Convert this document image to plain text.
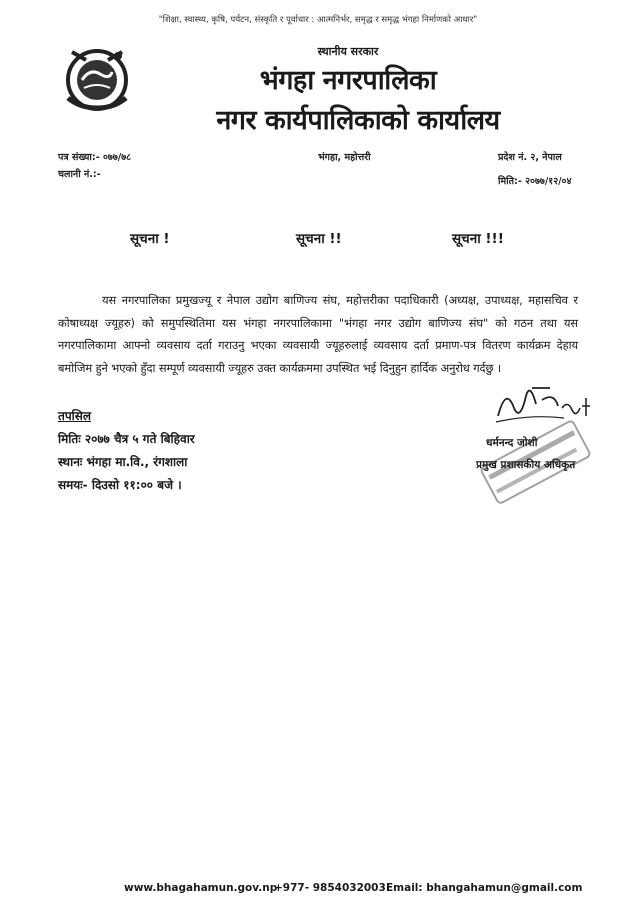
"शिक्षा, स्वास्थ्य, कृषि, पर्यटन, संस्कृति र पूर्वाधार : आत्मनिर्भर, समृद्ध र समृद्ध भंगहा निर्माणको आधार"
स्थानीय सरकार
भंगहा नगरपालिका
नगर कार्यपालिकाको कार्यालय
पत्र संख्या:- ०७७/७८
चलानी नं.:-
भंगहा, महोत्तरी	प्रदेश नं. २, नेपाल
मिति:- २०७७/१२/०४
सूचना !	सूचना !!	सूचना !!!
यस नगरपालिका प्रमुखज्यू र नेपाल उद्योग बाणिज्य संघ, महोत्तरीका पदाधिकारी (अध्यक्ष, उपाध्यक्ष, महासचिव र कोषाध्यक्ष ज्यूहरु) को समुपस्थितिमा यस भंगहा नगरपालिकामा "भंगहा नगर उद्योग बाणिज्य संघ" को गठन तथा यस नगरपालिकामा आफ्नो व्यवसाय दर्ता गराउनु भएका व्यवसायी ज्यूहरुलाई व्यवसाय दर्ता प्रमाण-पत्र वितरण कार्यक्रम देहाय बमोजिम हुने भएको हुँदा सम्पूर्ण व्यवसायी ज्यूहरु उक्त कार्यक्रममा उपस्थित भई दिनुहुन हार्दिक अनुरोध गर्दछु ।
तपसिल
मितिः २०७७ चैत्र ५ गते बिहिवार
स्थानः भंगहा मा.वि., रंगशाला
समयः- दिउसो ११:०० बजे ।
धर्मनन्द जोशी
प्रमुख प्रशासकीय अधिकृत
www.bhagahamun.gov.np
+977- 9854032003 Email: bhangahamun@gmail.com
